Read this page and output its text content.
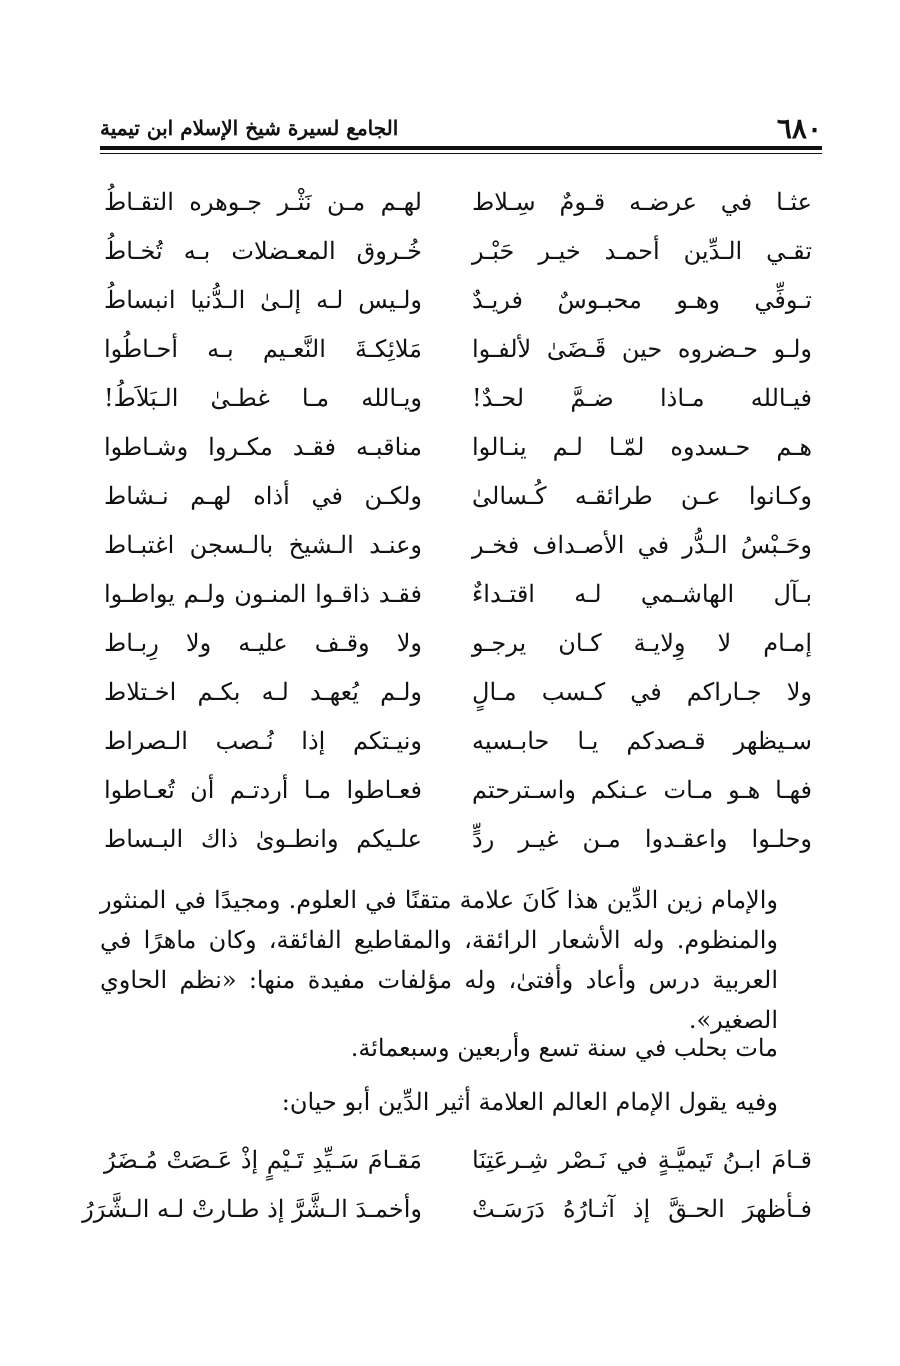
٦٨٠
الجامع لسيرة شيخ الإسلام ابن تيمية
عثـا في عرضـه قـومٌ سِـلاط
لهـم مـن نَثْـر جـوهره التقـاطُ
تقـي الـدِّين أحمـد خيـر حَبْـر
خُـروق المعـضلات بـه تُخـاطُ
تـوفِّي وهـو محبـوسٌ فريـدٌ
ولـيس لـه إلـىٰ الـدُّنيا انبساطُ
ولـو حـضروه حين قَـضَىٰ لألفـوا
مَلائِكـةَ النَّعـيم بـه أحـاطُوا
فيـالله مـاذا ضـمَّ لحـدٌ!
ويـالله مـا غطـىٰ الـبَلاَطُ!
هـم حـسدوه لمّـا لـم ينـالوا
مناقبـه فقـد مكـروا وشـاطوا
وكـانوا عـن طرائقـه كُـسالىٰ
ولكـن في أذاه لهـم نـشاط
وحَـبْسُ الـدُّر في الأصـداف فخـر
وعنـد الـشيخ بالـسجن اغتبـاط
بـآل الهاشـمي لـه اقتـداءٌ
فقـد ذاقـوا المنـون ولـم يواطـوا
إمـام لا وِلايـة كـان يرجـو
ولا وقـف عليـه ولا رِبـاط
ولا جـاراكم في كـسب مـالٍ
ولـم يُعهـد لـه بكـم اخـتلاط
سـيظهر قـصدكم يـا حابـسيه
ونيـتكم إذا نُـصب الـصراط
فهـا هـو مـات عـنكم واسـترحتم
فعـاطوا مـا أردتـم أن تُعـاطوا
وحلـوا واعقـدوا مـن غيـر ردٍّ
علـيكم وانطـوىٰ ذاك البـساط

والإمام زين الدِّين هذا كَانَ علامة متقنًا في العلوم. ومجيدًا في المنثور والمنظوم. وله الأشعار الرائقة، والمقاطيع الفائقة، وكان ماهرًا في العربية درس وأعاد وأفتىٰ، وله مؤلفات مفيدة منها: «نظم الحاوي الصغير».

مات بحلب في سنة تسع وأربعين وسبعمائة.

وفيه يقول الإمام العالم العلامة أثير الدِّين أبو حيان:

قـامَ ابـنُ تَيميَّـةٍ في نَـصْر شِـرعَتِنَا
مَقـامَ سَـيِّدِ تَـيْمٍ إذْ عَـصَتْ مُـضَرُ
فـأظهرَ الحـقَّ إذ آثـارُهُ دَرَسَـتْ
وأخمـدَ الـشَّرَّ إذ طـارتْ لـه الـشَّرَرُ
